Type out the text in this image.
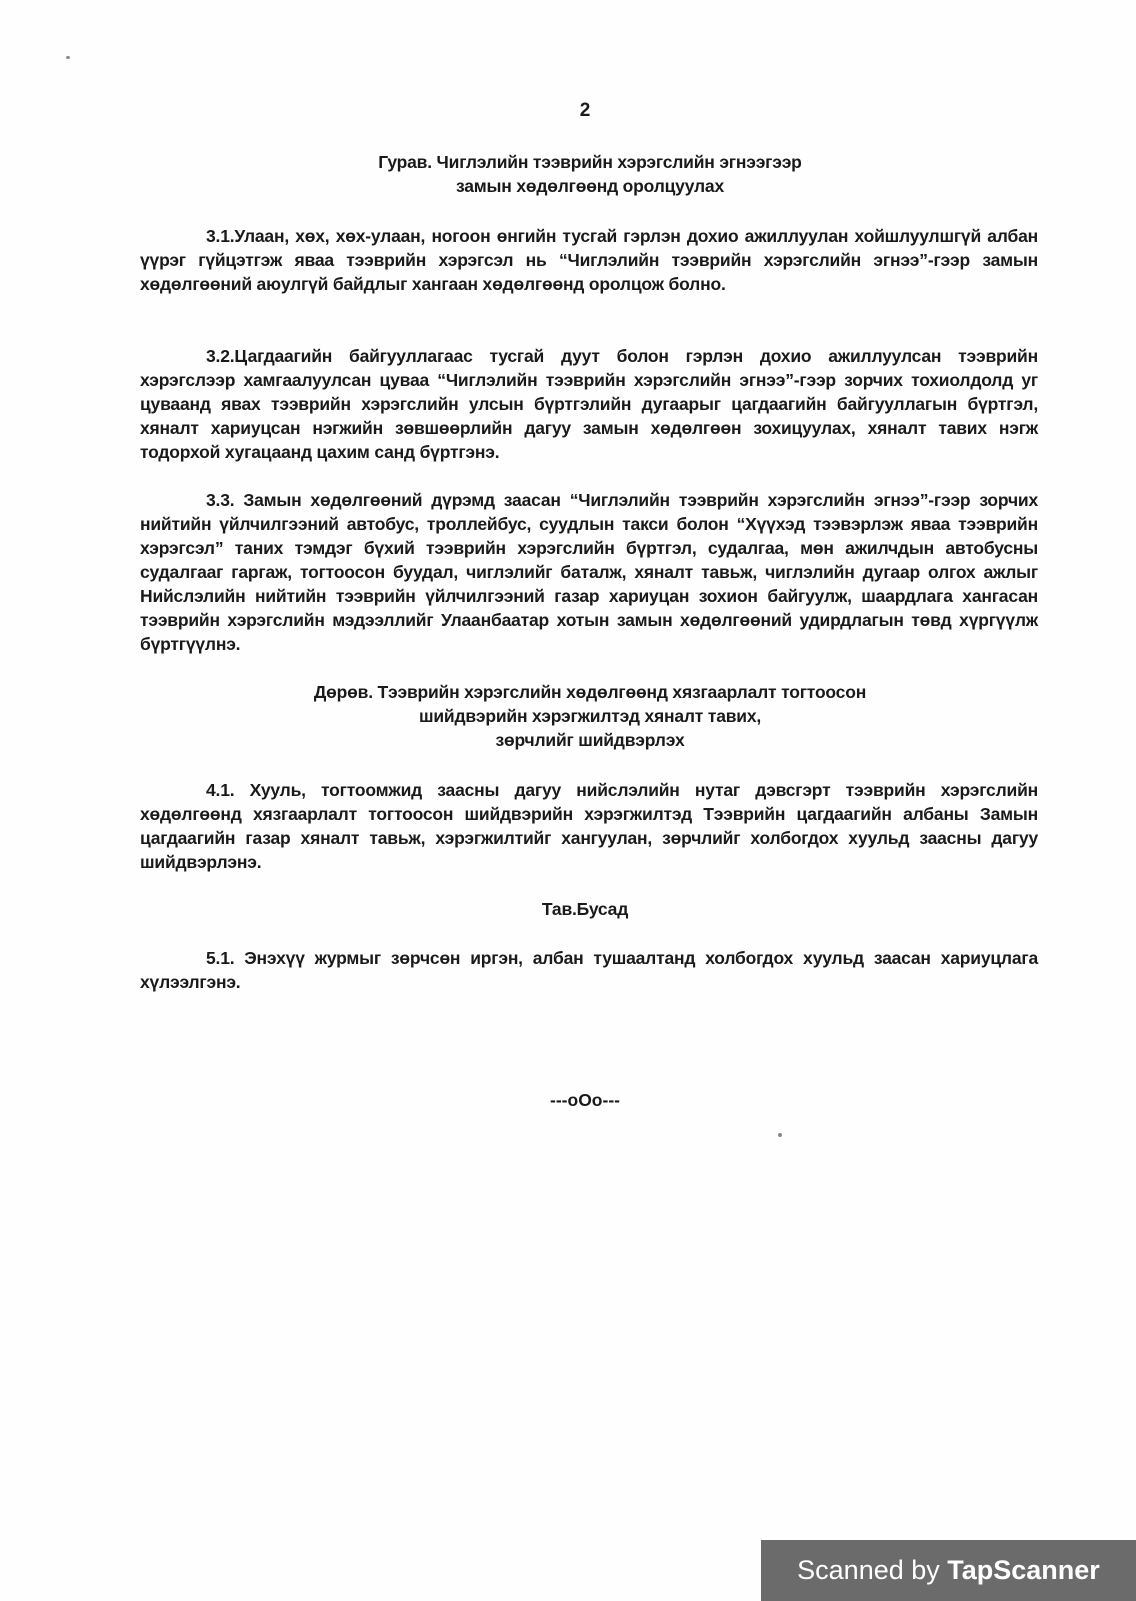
2
Гурав. Чиглэлийн тээврийн хэрэгслийн эгнээгээр
замын хөдөлгөөнд оролцуулах

3.1.Улаан, хөх, хөх-улаан, ногоон өнгийн тусгай гэрлэн дохио ажиллуулан хойшлуулшгүй албан үүрэг гүйцэтгэж яваа тээврийн хэрэгсэл нь “Чиглэлийн тээврийн хэрэгслийн эгнээ”-гээр замын хөдөлгөөний аюулгүй байдлыг хангаан хөдөлгөөнд оролцож болно.

3.2.Цагдаагийн байгууллагаас тусгай дуут болон гэрлэн дохио ажиллуулсан тээврийн хэрэгслээр хамгаалуулсан цуваа “Чиглэлийн тээврийн хэрэгслийн эгнээ”-гээр зорчих тохиолдолд уг цуваанд явах тээврийн хэрэгслийн улсын бүртгэлийн дугаарыг цагдаагийн байгууллагын бүртгэл, хяналт хариуцсан нэгжийн зөвшөөрлийн дагуу замын хөдөлгөөн зохицуулах, хяналт тавих нэгж тодорхой хугацаанд цахим санд бүртгэнэ.

3.3. Замын хөдөлгөөний дүрэмд заасан “Чиглэлийн тээврийн хэрэгслийн эгнээ”-гээр зорчих нийтийн үйлчилгээний автобус, троллейбус, суудлын такси болон “Хүүхэд тээвэрлэж яваа тээврийн хэрэгсэл” таних тэмдэг бүхий тээврийн хэрэгслийн бүртгэл, судалгаа, мөн ажилчдын автобусны судалгааг гаргаж, тогтоосон буудал, чиглэлийг баталж, хяналт тавьж, чиглэлийн дугаар олгох ажлыг Нийслэлийн нийтийн тээврийн үйлчилгээний газар хариуцан зохион байгуулж, шаардлага хангасан тээврийн хэрэгслийн мэдээллийг Улаанбаатар хотын замын хөдөлгөөний удирдлагын төвд хүргүүлж бүртгүүлнэ.

Дөрөв. Тээврийн хэрэгслийн хөдөлгөөнд хязгаарлалт тогтоосон
шийдвэрийн хэрэгжилтэд хяналт тавих,
зөрчлийг шийдвэрлэх

4.1. Хууль, тогтоомжид заасны дагуу нийслэлийн нутаг дэвсгэрт тээврийн хэрэгслийн хөдөлгөөнд хязгаарлалт тогтоосон шийдвэрийн хэрэгжилтэд Тээврийн цагдаагийн албаны Замын цагдаагийн газар хяналт тавьж, хэрэгжилтийг хангуулан, зөрчлийг холбогдох хуульд заасны дагуу шийдвэрлэнэ.

Тав.Бусад

5.1. Энэхүү журмыг зөрчсөн иргэн, албан тушаалтанд холбогдох хуульд заасан хариуцлага хүлээлгэнэ.

---oOo---
Scanned by TapScanner
